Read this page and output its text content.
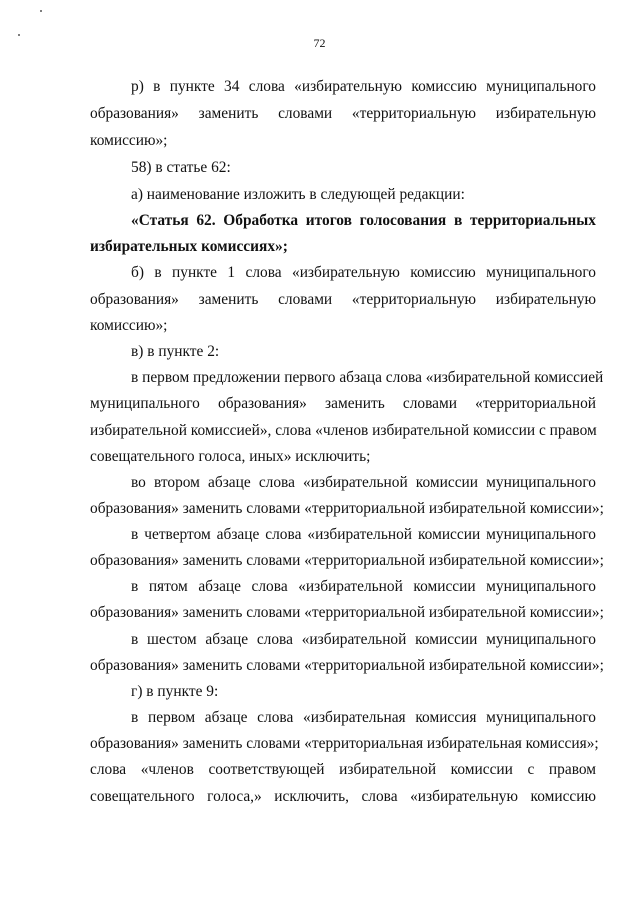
72
р) в пункте 34 слова «избирательную комиссию муниципального
образования» заменить словами «территориальную избирательную
комиссию»;
58) в статье 62:
а) наименование изложить в следующей редакции:
«Статья 62. Обработка итогов голосования в территориальных
избирательных комиссиях»;
б) в пункте 1 слова «избирательную комиссию муниципального
образования» заменить словами «территориальную избирательную
комиссию»;
в) в пункте 2:
в первом предложении первого абзаца слова «избирательной комиссией
муниципального образования» заменить словами «территориальной
избирательной комиссией», слова «членов избирательной комиссии с правом
совещательного голоса, иных» исключить;
во втором абзаце слова «избирательной комиссии муниципального
образования» заменить словами «территориальной избирательной комиссии»;
в четвертом абзаце слова «избирательной комиссии муниципального
образования» заменить словами «территориальной избирательной комиссии»;
в пятом абзаце слова «избирательной комиссии муниципального
образования» заменить словами «территориальной избирательной комиссии»;
в шестом абзаце слова «избирательной комиссии муниципального
образования» заменить словами «территориальной избирательной комиссии»;
г) в пункте 9:
в первом абзаце слова «избирательная комиссия муниципального
образования» заменить словами «территориальная избирательная комиссия»;
слова «членов соответствующей избирательной комиссии с правом
совещательного голоса,» исключить, слова «избирательную комиссию
